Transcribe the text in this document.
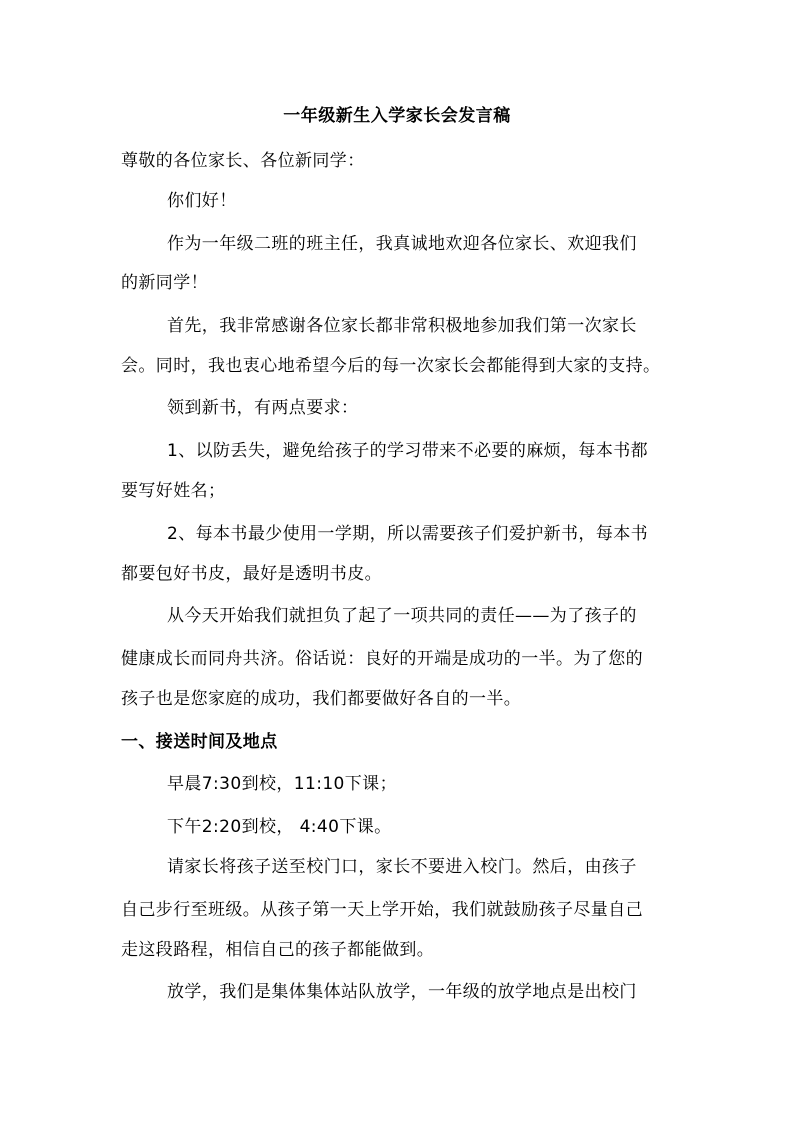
一年级新生入学家长会发言稿
尊敬的各位家长、各位新同学：
你们好！
作为一年级二班的班主任，我真诚地欢迎各位家长、欢迎我们
的新同学！
首先，我非常感谢各位家长都非常积极地参加我们第一次家长
会。同时，我也衷心地希望今后的每一次家长会都能得到大家的支持。
领到新书，有两点要求：
1、以防丢失，避免给孩子的学习带来不必要的麻烦，每本书都
要写好姓名；
2、每本书最少使用一学期，所以需要孩子们爱护新书，每本书
都要包好书皮，最好是透明书皮。
从今天开始我们就担负了起了一项共同的责任——为了孩子的
健康成长而同舟共济。俗话说：良好的开端是成功的一半。为了您的
孩子也是您家庭的成功，我们都要做好各自的一半。
一、接送时间及地点
早晨7:30到校，11:10下课；
下午2:20到校， 4:40下课。
请家长将孩子送至校门口，家长不要进入校门。然后，由孩子
自己步行至班级。从孩子第一天上学开始，我们就鼓励孩子尽量自己
走这段路程，相信自己的孩子都能做到。
放学，我们是集体集体站队放学，一年级的放学地点是出校门
